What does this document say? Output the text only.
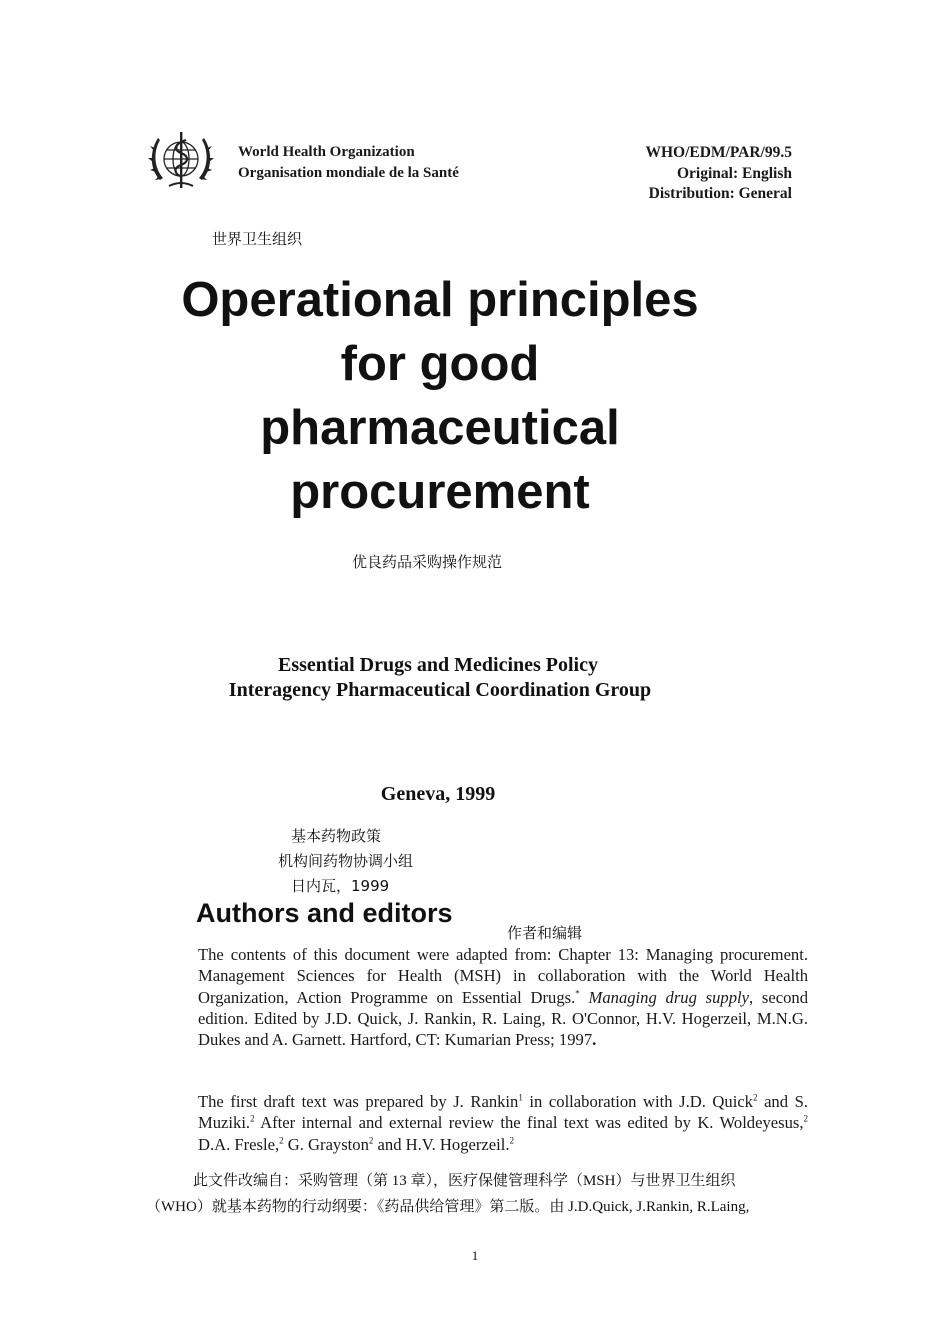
World Health Organization
Organisation mondiale de la Santé
WHO/EDM/PAR/99.5
Original: English
Distribution: General
世界卫生组织
Operational principles
for good
pharmaceutical
procurement
优良药品采购操作规范
Essential Drugs and Medicines Policy
Interagency Pharmaceutical Coordination Group
Geneva, 1999
基本药物政策
机构间药物协调小组
日内瓦，1999
Authors and editors
作者和编辑
The contents of this document were adapted from: Chapter 13: Managing procurement. Management Sciences for Health (MSH) in collaboration with the World Health Organization, Action Programme on Essential Drugs.* Managing drug supply, second edition. Edited by J.D. Quick, J. Rankin, R. Laing, R. O'Connor, H.V. Hogerzeil, M.N.G. Dukes and A. Garnett. Hartford, CT: Kumarian Press; 1997.
The first draft text was prepared by J. Rankin$^1$ in collaboration with J.D. Quick$^2$ and S. Muziki.$^2$ After internal and external review the final text was edited by K. Woldeyesus,$^2$ D.A. Fresle,$^2$ G. Grayston$^2$ and H.V. Hogerzeil.$^2$
此文件改编自：采购管理（第 13 章），医疗保健管理科学（MSH）与世界卫生组织
（WHO）就基本药物的行动纲要：《药品供给管理》第二版。由 J.D.Quick, J.Rankin, R.Laing,
1
